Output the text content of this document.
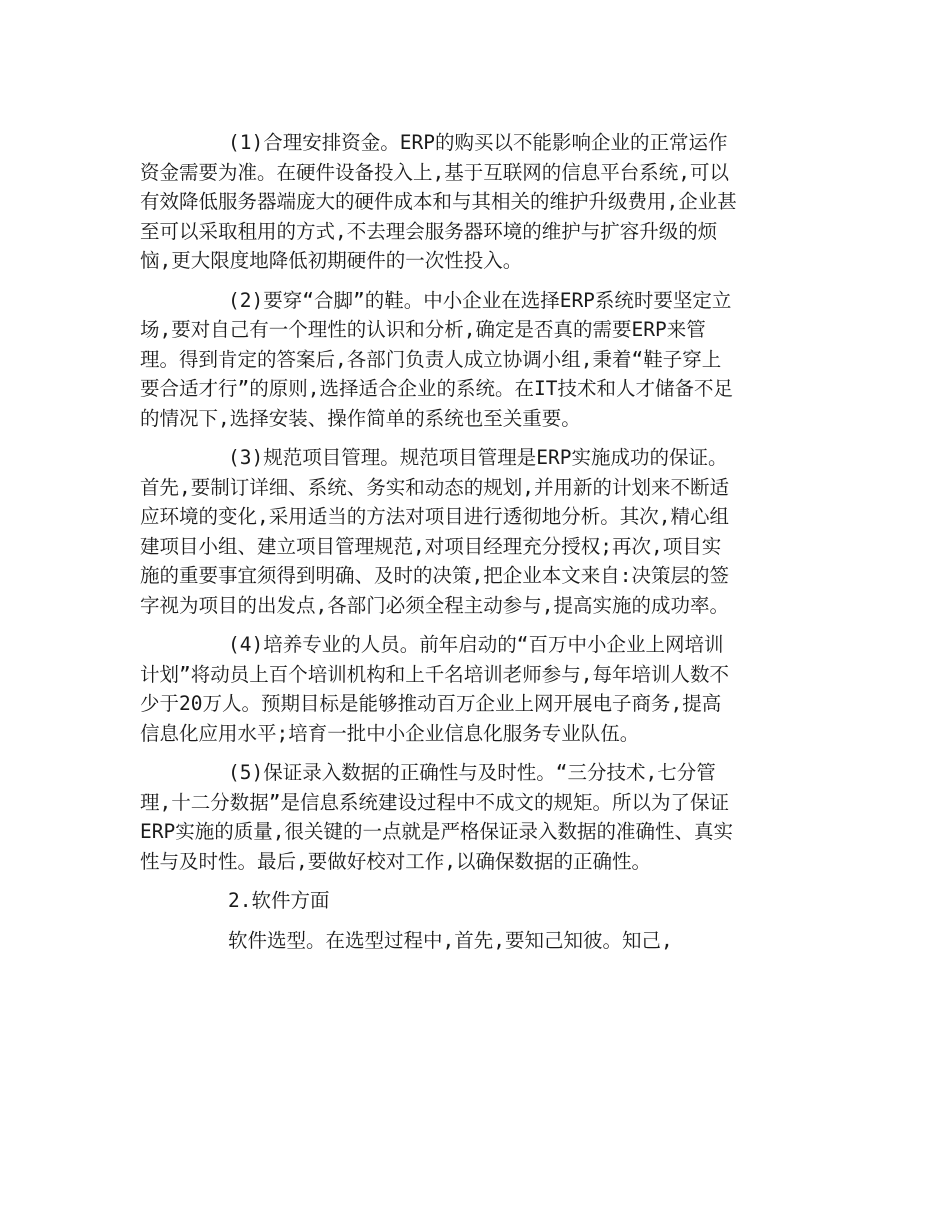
(1)合理安排资金。ERP的购买以不能影响企业的正常运作资金需要为准。在硬件设备投入上,基于互联网的信息平台系统,可以有效降低服务器端庞大的硬件成本和与其相关的维护升级费用,企业甚至可以采取租用的方式,不去理会服务器环境的维护与扩容升级的烦恼,更大限度地降低初期硬件的一次性投入。

(2)要穿“合脚”的鞋。中小企业在选择ERP系统时要坚定立场,要对自己有一个理性的认识和分析,确定是否真的需要ERP来管理。得到肯定的答案后,各部门负责人成立协调小组,秉着“鞋子穿上要合适才行”的原则,选择适合企业的系统。在IT技术和人才储备不足的情况下,选择安装、操作简单的系统也至关重要。

(3)规范项目管理。规范项目管理是ERP实施成功的保证。首先,要制订详细、系统、务实和动态的规划,并用新的计划来不断适应环境的变化,采用适当的方法对项目进行透彻地分析。其次,精心组建项目小组、建立项目管理规范,对项目经理充分授权;再次,项目实施的重要事宜须得到明确、及时的决策,把企业本文来自:决策层的签字视为项目的出发点,各部门必须全程主动参与,提高实施的成功率。

(4)培养专业的人员。前年启动的“百万中小企业上网培训计划”将动员上百个培训机构和上千名培训老师参与,每年培训人数不少于20万人。预期目标是能够推动百万企业上网开展电子商务,提高信息化应用水平;培育一批中小企业信息化服务专业队伍。

(5)保证录入数据的正确性与及时性。“三分技术,七分管理,十二分数据”是信息系统建设过程中不成文的规矩。所以为了保证ERP实施的质量,很关键的一点就是严格保证录入数据的准确性、真实性与及时性。最后,要做好校对工作,以确保数据的正确性。

2.软件方面

软件选型。在选型过程中,首先,要知己知彼。知己,
